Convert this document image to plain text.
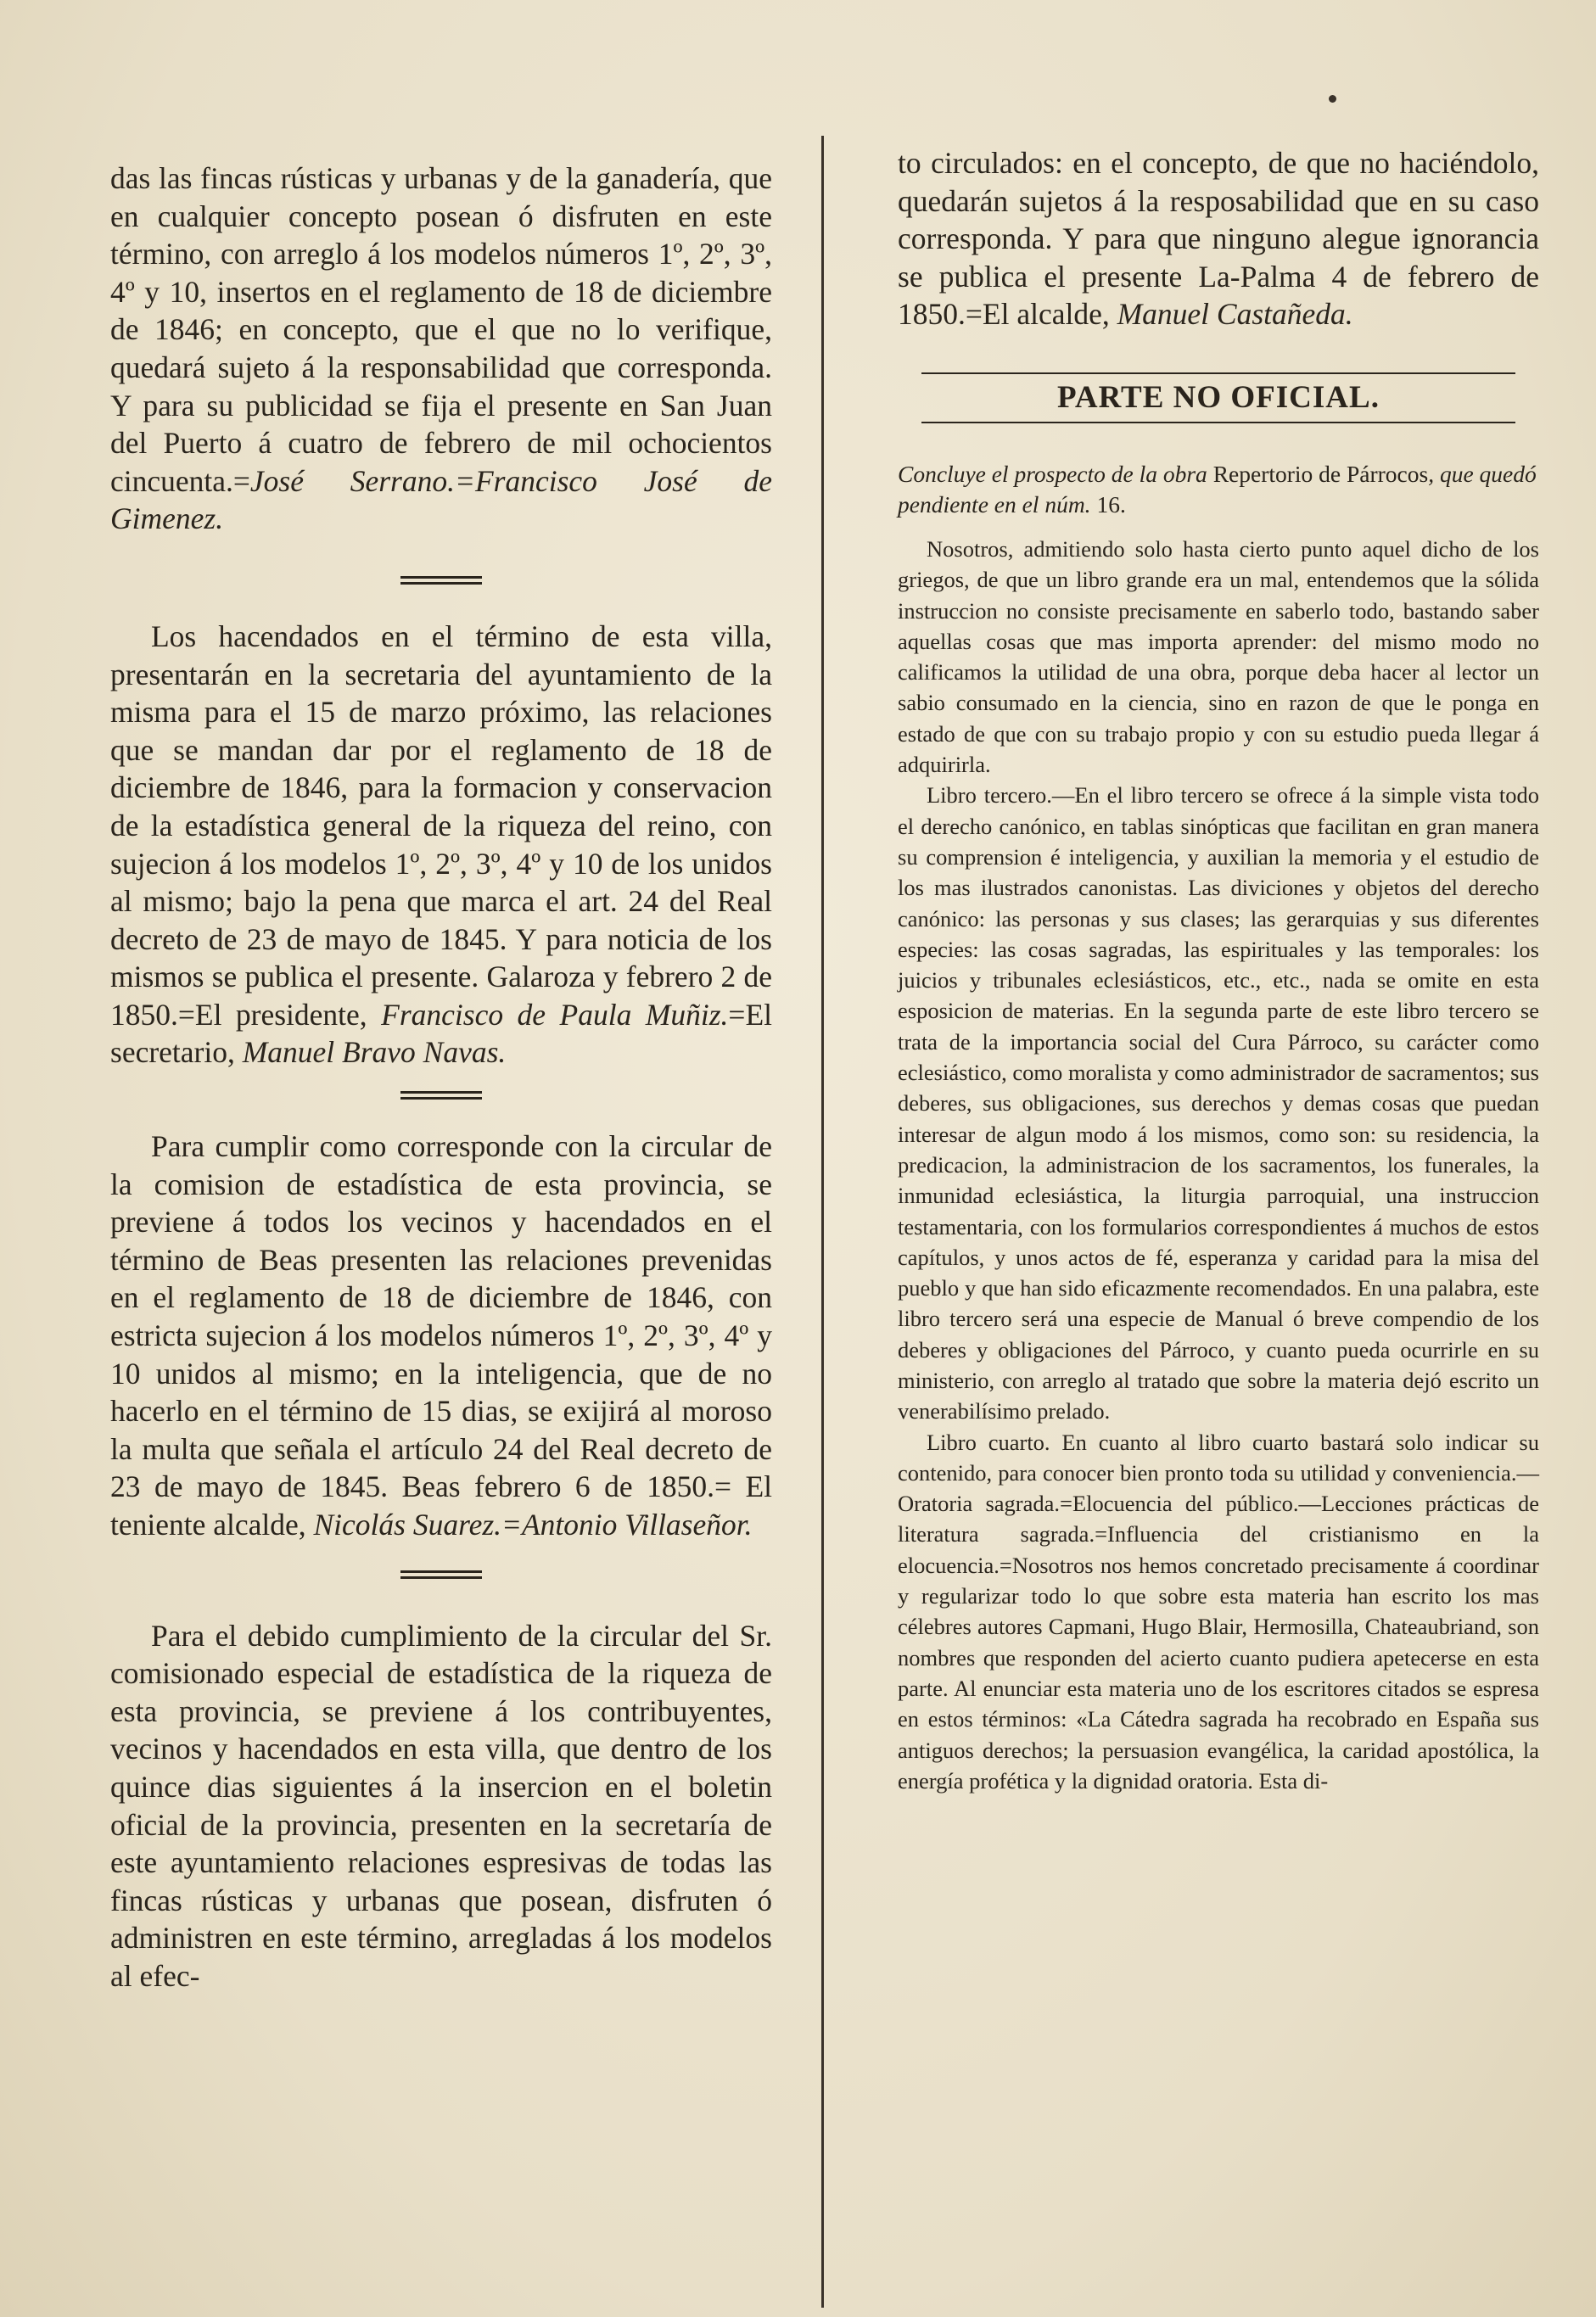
das las fincas rústicas y urbanas y de la ganadería, que en cualquier concepto posean ó disfruten en este término, con arreglo á los modelos números 1º, 2º, 3º, 4º y 10, insertos en el reglamento de 18 de diciembre de 1846; en concepto, que el que no lo verifique, quedará sujeto á la responsabilidad que corresponda. Y para su publicidad se fija el presente en San Juan del Puerto á cuatro de febrero de mil ochocientos cincuenta.=José Serrano.=Francisco José de Gimenez.

Los hacendados en el término de esta villa, presentarán en la secretaria del ayuntamiento de la misma para el 15 de marzo próximo, las relaciones que se mandan dar por el reglamento de 18 de diciembre de 1846, para la formacion y conservacion de la estadística general de la riqueza del reino, con sujecion á los modelos 1º, 2º, 3º, 4º y 10 de los unidos al mismo; bajo la pena que marca el art. 24 del Real decreto de 23 de mayo de 1845. Y para noticia de los mismos se publica el presente. Galaroza y febrero 2 de 1850.=El presidente, Francisco de Paula Muñiz.=El secretario, Manuel Bravo Navas.

Para cumplir como corresponde con la circular de la comision de estadística de esta provincia, se previene á todos los vecinos y hacendados en el término de Beas presenten las relaciones prevenidas en el reglamento de 18 de diciembre de 1846, con estricta sujecion á los modelos números 1º, 2º, 3º, 4º y 10 unidos al mismo; en la inteligencia, que de no hacerlo en el término de 15 dias, se exijirá al moroso la multa que señala el artículo 24 del Real decreto de 23 de mayo de 1845. Beas febrero 6 de 1850.= El teniente alcalde, Nicolás Suarez.=Antonio Villaseñor.

Para el debido cumplimiento de la circular del Sr. comisionado especial de estadística de la riqueza de esta provincia, se previene á los contribuyentes, vecinos y hacendados en esta villa, que dentro de los quince dias siguientes á la insercion en el boletin oficial de la provincia, presenten en la secretaría de este ayuntamiento relaciones espresivas de todas las fincas rústicas y urbanas que posean, disfruten ó administren en este término, arregladas á los modelos al efec-

to circulados: en el concepto, de que no haciéndolo, quedarán sujetos á la resposabilidad que en su caso corresponda. Y para que ninguno alegue ignorancia se publica el presente La-Palma 4 de febrero de 1850.=El alcalde, Manuel Castañeda.

PARTE NO OFICIAL.

Concluye el prospecto de la obra Repertorio de Párrocos, que quedó pendiente en el núm. 16.

Nosotros, admitiendo solo hasta cierto punto aquel dicho de los griegos, de que un libro grande era un mal, entendemos que la sólida instruccion no consiste precisamente en saberlo todo, bastando saber aquellas cosas que mas importa aprender: del mismo modo no calificamos la utilidad de una obra, porque deba hacer al lector un sabio consumado en la ciencia, sino en razon de que le ponga en estado de que con su trabajo propio y con su estudio pueda llegar á adquirirla.

Libro tercero.—En el libro tercero se ofrece á la simple vista todo el derecho canónico, en tablas sinópticas que facilitan en gran manera su comprension é inteligencia, y auxilian la memoria y el estudio de los mas ilustrados canonistas. Las diviciones y objetos del derecho canónico: las personas y sus clases; las gerarquias y sus diferentes especies: las cosas sagradas, las espirituales y las temporales: los juicios y tribunales eclesiásticos, etc., etc., nada se omite en esta esposicion de materias. En la segunda parte de este libro tercero se trata de la importancia social del Cura Párroco, su carácter como eclesiástico, como moralista y como administrador de sacramentos; sus deberes, sus obligaciones, sus derechos y demas cosas que puedan interesar de algun modo á los mismos, como son: su residencia, la predicacion, la administracion de los sacramentos, los funerales, la inmunidad eclesiástica, la liturgia parroquial, una instruccion testamentaria, con los formularios correspondientes á muchos de estos capítulos, y unos actos de fé, esperanza y caridad para la misa del pueblo y que han sido eficazmente recomendados. En una palabra, este libro tercero será una especie de Manual ó breve compendio de los deberes y obligaciones del Párroco, y cuanto pueda ocurrirle en su ministerio, con arreglo al tratado que sobre la materia dejó escrito un venerabilísimo prelado.

Libro cuarto. En cuanto al libro cuarto bastará solo indicar su contenido, para conocer bien pronto toda su utilidad y conveniencia.—Oratoria sagrada.=Elocuencia del público.—Lecciones prácticas de literatura sagrada.=Influencia del cristianismo en la elocuencia.=Nosotros nos hemos concretado precisamente á coordinar y regularizar todo lo que sobre esta materia han escrito los mas célebres autores Capmani, Hugo Blair, Hermosilla, Chateaubriand, son nombres que responden del acierto cuanto pudiera apetecerse en esta parte. Al enunciar esta materia uno de los escritores citados se espresa en estos términos: «La Cátedra sagrada ha recobrado en España sus antiguos derechos; la persuasion evangélica, la caridad apostólica, la energía profética y la dignidad oratoria. Esta di-
